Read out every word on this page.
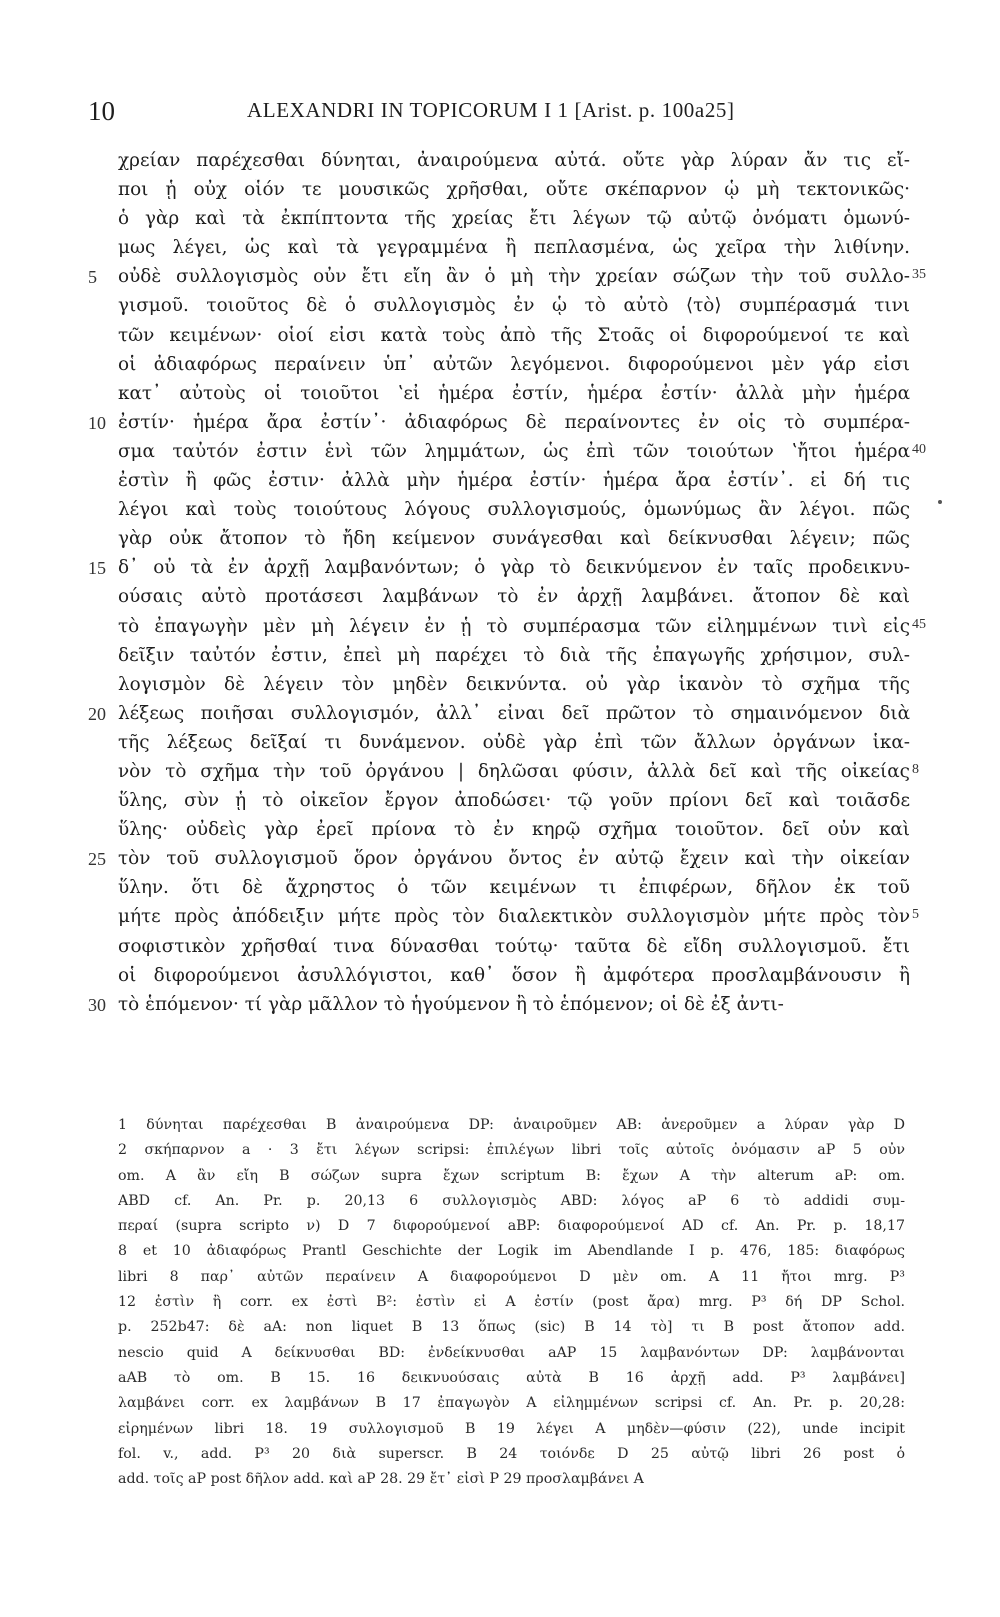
10	ALEXANDRI IN TOPICORUM I 1 [Arist. p. 100a25]
χρείαν παρέχεσθαι δύνηται, ἀναιρούμενα αὐτά. οὔτε γὰρ λύραν ἄν τις εἴ-
ποι ᾗ οὐχ οἷόν τε μουσικῶς χρῆσθαι, οὔτε σκέπαρνον ᾧ μὴ τεκτονικῶς·
ὁ γὰρ καὶ τὰ ἐκπίπτοντα τῆς χρείας ἔτι λέγων τῷ αὐτῷ ὀνόματι ὁμωνύ-
μως λέγει, ὡς καὶ τὰ γεγραμμένα ἢ πεπλασμένα, ὡς χεῖρα τὴν λιθίνην.
5 οὐδὲ συλλογισμὸς οὖν ἔτι εἴη ἂν ὁ μὴ τὴν χρείαν σώζων τὴν τοῦ συλλο- 35
γισμοῦ. τοιοῦτος δὲ ὁ συλλογισμὸς ἐν ᾧ τὸ αὐτὸ ⟨τὸ⟩ συμπέρασμά τινι
τῶν κειμένων· οἷοί εἰσι κατὰ τοὺς ἀπὸ τῆς Στοᾶς οἱ διφορούμενοί τε καὶ
οἱ ἀδιαφόρως περαίνειν ὑπ᾽ αὐτῶν λεγόμενοι. διφορούμενοι μὲν γάρ εἰσι
κατ᾽ αὐτοὺς οἱ τοιοῦτοι ʽεἰ ἡμέρα ἐστίν, ἡμέρα ἐστίν· ἀλλὰ μὴν ἡμέρα
10 ἐστίν· ἡμέρα ἄρα ἐστίν᾽· ἀδιαφόρως δὲ περαίνοντες ἐν οἷς τὸ συμπέρα-
σμα ταὐτόν ἐστιν ἑνὶ τῶν λημμάτων, ὡς ἐπὶ τῶν τοιούτων ʽἤτοι ἡμέρα 40
ἐστὶν ἢ φῶς ἐστιν· ἀλλὰ μὴν ἡμέρα ἐστίν· ἡμέρα ἄρα ἐστίν᾽. εἰ δή τις
λέγοι καὶ τοὺς τοιούτους λόγους συλλογισμούς, ὁμωνύμως ἂν λέγοι. πῶς
γὰρ οὐκ ἄτοπον τὸ ἤδη κείμενον συνάγεσθαι καὶ δείκνυσθαι λέγειν; πῶς
15 δ᾽ οὐ τὰ ἐν ἀρχῇ λαμβανόντων; ὁ γὰρ τὸ δεικνύμενον ἐν ταῖς προδεικνυ-
ούσαις αὐτὸ προτάσεσι λαμβάνων τὸ ἐν ἀρχῇ λαμβάνει. ἄτοπον δὲ καὶ
τὸ ἐπαγωγὴν μὲν μὴ λέγειν ἐν ᾗ τὸ συμπέρασμα τῶν εἰλημμένων τινὶ εἰς 45
δεῖξιν ταὐτόν ἐστιν, ἐπεὶ μὴ παρέχει τὸ διὰ τῆς ἐπαγωγῆς χρήσιμον, συλ-
λογισμὸν δὲ λέγειν τὸν μηδὲν δεικνύντα. οὐ γὰρ ἱκανὸν τὸ σχῆμα τῆς
20 λέξεως ποιῆσαι συλλογισμόν, ἀλλ᾽ εἶναι δεῖ πρῶτον τὸ σημαινόμενον διὰ
τῆς λέξεως δεῖξαί τι δυνάμενον. οὐδὲ γὰρ ἐπὶ τῶν ἄλλων ὀργάνων ἱκα-
νὸν τὸ σχῆμα τὴν τοῦ ὀργάνου | δηλῶσαι φύσιν, ἀλλὰ δεῖ καὶ τῆς οἰκείας 8
ὕλης, σὺν ᾗ τὸ οἰκεῖον ἔργον ἀποδώσει· τῷ γοῦν πρίονι δεῖ καὶ τοιᾶσδε
ὕλης· οὐδεὶς γὰρ ἐρεῖ πρίονα τὸ ἐν κηρῷ σχῆμα τοιοῦτον. δεῖ οὖν καὶ
25 τὸν τοῦ συλλογισμοῦ ὅρον ὀργάνου ὄντος ἐν αὐτῷ ἔχειν καὶ τὴν οἰκείαν
ὕλην. ὅτι δὲ ἄχρηστος ὁ τῶν κειμένων τι ἐπιφέρων, δῆλον ἐκ τοῦ
μήτε πρὸς ἀπόδειξιν μήτε πρὸς τὸν διαλεκτικὸν συλλογισμὸν μήτε πρὸς τὸν 5
σοφιστικὸν χρῆσθαί τινα δύνασθαι τούτῳ· ταῦτα δὲ εἴδη συλλογισμοῦ. ἔτι
οἱ διφορούμενοι ἀσυλλόγιστοι, καθ᾽ ὅσον ἢ ἀμφότερα προσλαμβάνουσιν ἢ
30 τὸ ἑπόμενον· τί γὰρ μᾶλλον τὸ ἡγούμενον ἢ τὸ ἑπόμενον; οἱ δὲ ἐξ ἀντι-
1 δύνηται παρέχεσθαι B ἀναιρούμενα DP: ἀναιροῦμεν AB: ἀνεροῦμεν a λύραν γὰρ D
2 σκήπαρνον a · 3 ἔτι λέγων scripsi: ἐπιλέγων libri τοῖς αὐτοῖς ὀνόμασιν aP 5 οὖν
om. A ἂν εἴη B σώζων supra ἔχων scriptum B: ἔχων A τὴν alterum aP: om.
ABD cf. An. Pr. p. 20,13 6 συλλογισμὸς ABD: λόγος aP 6 τὸ addidi συμ-
περαί (supra scripto ν) D 7 διφορούμενοί aBP: διαφορούμενοί AD cf. An. Pr. p. 18,17
8 et 10 ἀδιαφόρως Prantl Geschichte der Logik im Abendlande I p. 476, 185: διαφόρως
libri 8 παρ᾽ αὐτῶν περαίνειν A διαφορούμενοι D μὲν om. A 11 ἤτοι mrg. P³
12 ἐστὶν ἢ corr. ex ἐστὶ B²: ἐστὶν εἰ A ἐστίν (post ἄρα) mrg. P³ δή DP Schol.
p. 252b47: δὲ aA: non liquet B 13 ὅπως (sic) B 14 τὸ] τι B post ἄτοπον add.
nescio quid A δείκνυσθαι BD: ἐνδείκνυσθαι aAP 15 λαμβανόντων DP: λαμβάνονται
aAB τὸ om. B 15. 16 δεικνυούσαις αὐτὰ B 16 ἀρχῇ add. P³ λαμβάνει]
λαμβάνει corr. ex λαμβάνων B 17 ἐπαγωγὸν A εἰλημμένων scripsi cf. An. Pr. p. 20,28:
εἰρημένων libri 18. 19 συλλογισμοῦ B 19 λέγει A μηδὲν—φύσιν (22), unde incipit
fol. v., add. P³ 20 διὰ superscr. B 24 τοιόνδε D 25 αὐτῷ libri 26 post ὁ
add. τοῖς aP post δῆλον add. καὶ aP 28. 29 ἔτ᾽ εἰσὶ P 29 προσλαμβάνει A
